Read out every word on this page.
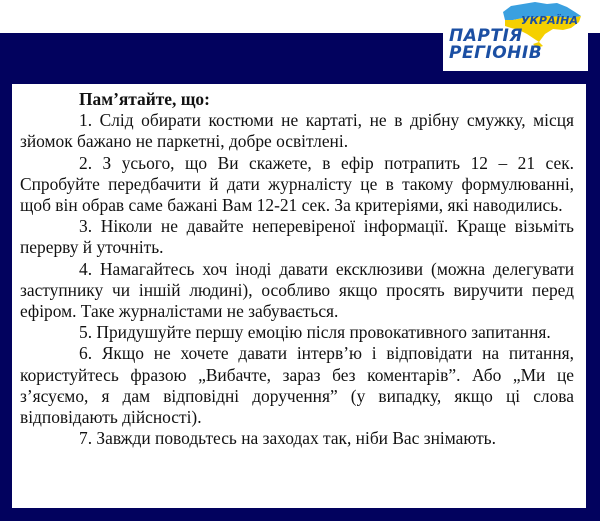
УКРАЇНА
ПАРТІЯ
РЕГІОНІВ

Пам’ятайте, що:

1. Слід обирати костюми не картаті, не в дрібну смужку, місця зйомок бажано не паркетні, добре освітлені.

2. З усього, що Ви скажете, в ефір потрапить 12 – 21 сек. Спробуйте передбачити й дати журналісту це в такому формулюванні, щоб він обрав саме бажані Вам 12-21 сек. За критеріями, які наводились.

3. Ніколи не давайте неперевіреної інформації. Краще візьміть перерву й уточніть.

4. Намагайтесь хоч іноді давати ексклюзиви (можна делегувати заступнику чи іншій людині), особливо якщо просять виручити перед ефіром. Таке журналістами не забувається.

5. Придушуйте першу емоцію після провокативного запитання.

6. Якщо не хочете давати інтерв’ю і відповідати на питання, користуйтесь фразою „Вибачте, зараз без коментарів”. Або „Ми це з’ясуємо, я дам відповідні доручення” (у випадку, якщо ці слова відповідають дійсності).

7. Завжди поводьтесь на заходах так, ніби Вас знімають.
